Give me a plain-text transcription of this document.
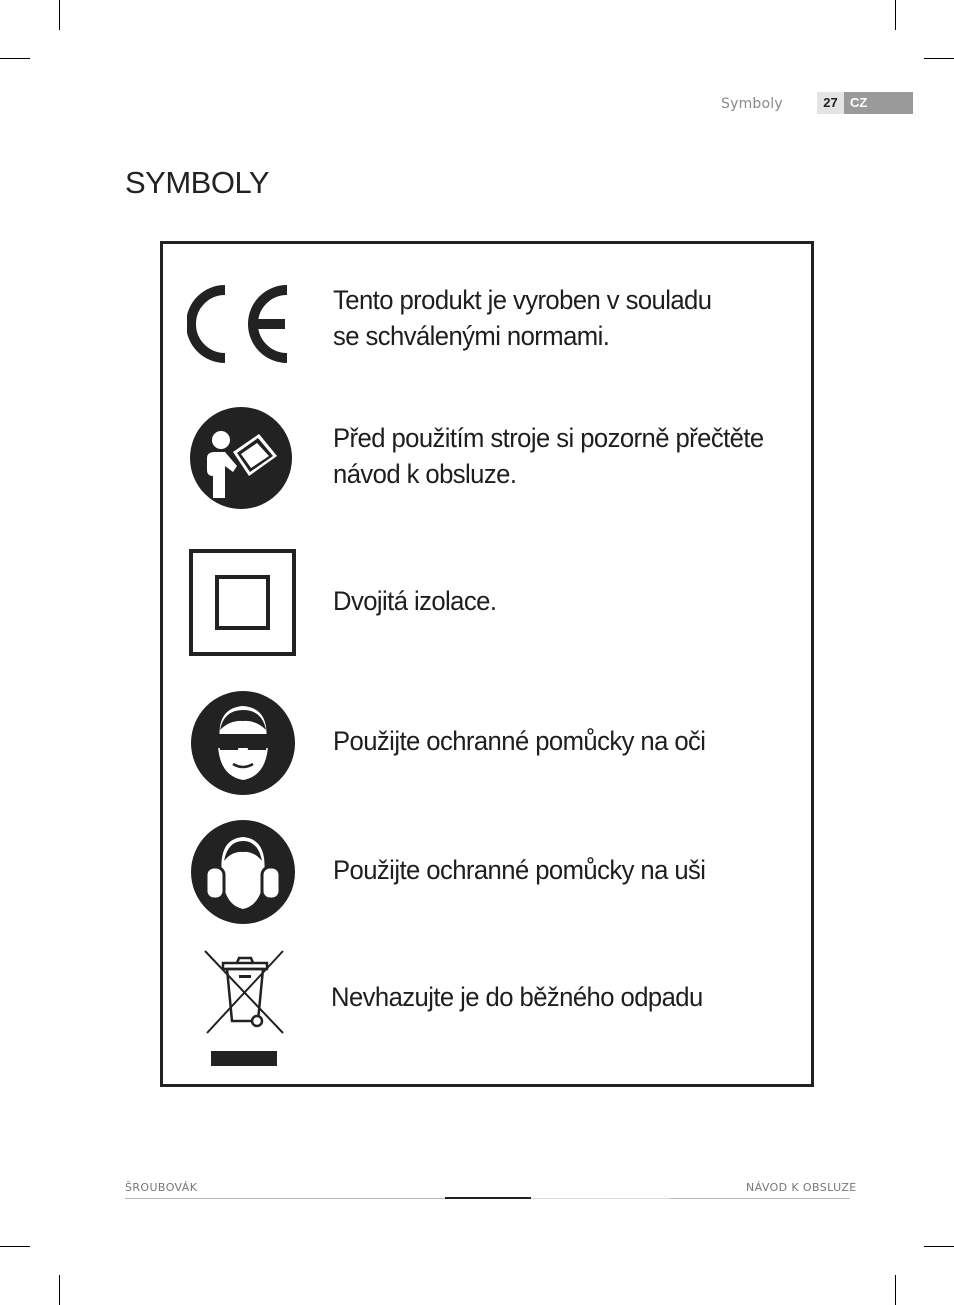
Symboly	27 CZ
SYMBOLY
Tento produkt je vyroben v souladu
se schválenými normami.
Před použitím stroje si pozorně přečtěte
návod k obsluze.
Dvojitá izolace.
Použijte ochranné pomůcky na oči
Použijte ochranné pomůcky na uši
Nevhazujte je do běžného odpadu
ŠROUBOVÁK	NÁVOD K OBSLUZE
